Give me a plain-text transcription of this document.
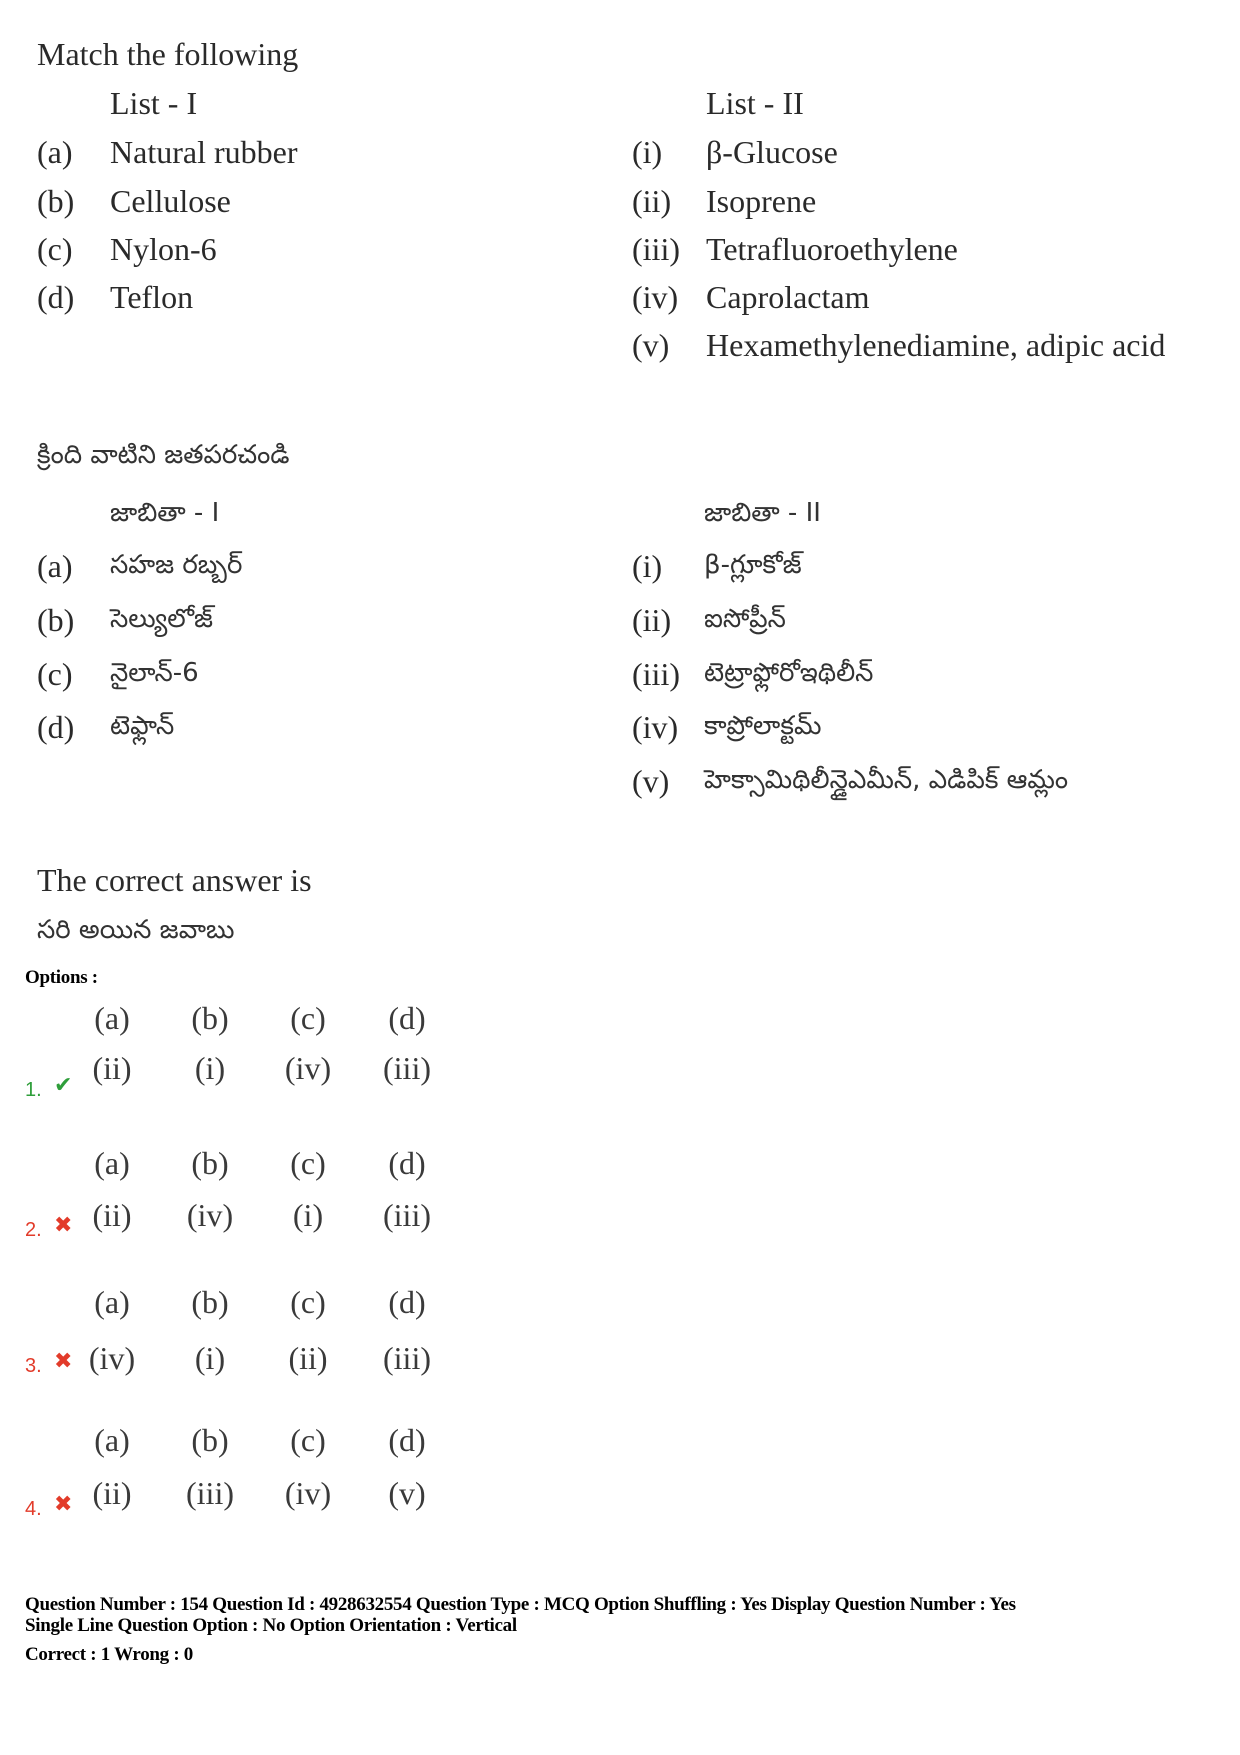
Match the following
List - I	List - II
(a) Natural rubber
(b) Cellulose
(c) Nylon-6
(d) Teflon
(i) β-Glucose
(ii) Isoprene
(iii) Tetrafluoroethylene
(iv) Caprolactam
(v) Hexamethylenediamine, adipic acid
క్రింది వాటిని జతపరచండి
జాబితా - I	జాబితా - II
(a) సహజ రబ్బర్
(b) సెల్యులోజ్
(c) నైలాన్-6
(d) టెఫ్లాన్
(i) β-గ్లూకోజ్
(ii) ఐసోప్రీన్
(iii) టెట్రాఫ్లోరోఇథిలీన్
(iv) కాప్రోలాక్టమ్
(v) హెక్సామిథిలీన్డైఎమీన్, ఎడిపిక్ ఆమ్లం
The correct answer is
సరి అయిన జవాబు
Options :
1. ✔
(a)	(b)	(c)	(d)
(ii)	(i)	(iv)	(iii)
2. ✖
(a)	(b)	(c)	(d)
(ii)	(iv)	(i)	(iii)
3. ✖
(a)	(b)	(c)	(d)
(iv)	(i)	(ii)	(iii)
4. ✖
(a)	(b)	(c)	(d)
(ii)	(iii)	(iv)	(v)
Question Number : 154 Question Id : 4928632554 Question Type : MCQ Option Shuffling : Yes Display Question Number : Yes
Single Line Question Option : No Option Orientation : Vertical
Correct : 1 Wrong : 0
